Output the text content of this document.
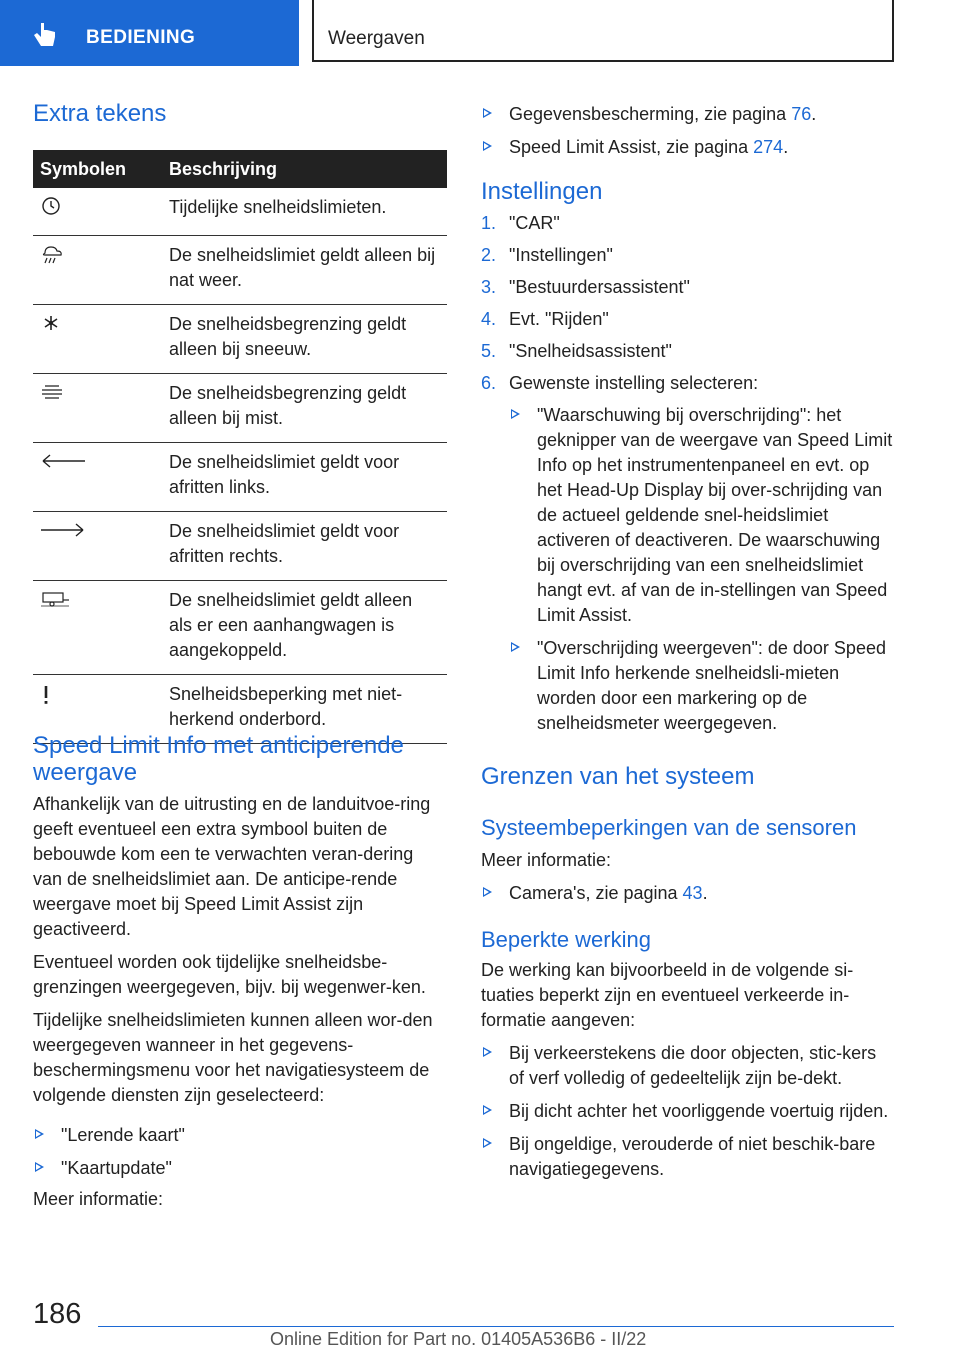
BEDIENING	Weergaven
Extra tekens
Symbolen	Beschrijving
	Tijdelijke snelheidslimieten.
	De snelheidslimiet geldt alleen bij nat weer.
	De snelheidsbegrenzing geldt alleen bij sneeuw.
	De snelheidsbegrenzing geldt alleen bij mist.
	De snelheidslimiet geldt voor afritten links.
	De snelheidslimiet geldt voor afritten rechts.
	De snelheidslimiet geldt alleen als er een aanhangwagen is aangekoppeld.
	Snelheidsbeperking met niet-herkend onderbord.
Speed Limit Info met anticiperende weergave

Afhankelijk van de uitrusting en de landuitvoe-ring geeft eventueel een extra symbool buiten de bebouwde kom een te verwachten veran-dering van de snelheidslimiet aan. De anticipe-rende weergave moet bij Speed Limit Assist zijn geactiveerd.

Eventueel worden ook tijdelijke snelheidsbe-grenzingen weergegeven, bijv. bij wegenwer-ken.

Tijdelijke snelheidslimieten kunnen alleen wor-den weergegeven wanneer in het gegevens-beschermingsmenu voor het navigatiesysteem de volgende diensten zijn geselecteerd:

"Lerende kaart"
"Kaartupdate"

Meer informatie:

Gegevensbescherming, zie pagina 76.
Speed Limit Assist, zie pagina 274.
Instellingen
1. "CAR"
2. "Instellingen"
3. "Bestuurdersassistent"
4. Evt. "Rijden"
5. "Snelheidsassistent"
6. Gewenste instelling selecteren:
"Waarschuwing bij overschrijding": het geknipper van de weergave van Speed Limit Info op het instrumentenpaneel en evt. op het Head-Up Display bij over-schrijding van de actueel geldende snel-heidslimiet activeren of deactiveren. De waarschuwing bij overschrijding van een snelheidslimiet hangt evt. af van de in-stellingen van Speed Limit Assist.
"Overschrijding weergeven": de door Speed Limit Info herkende snelheidsli-mieten worden door een markering op de snelheidsmeter weergegeven.
Grenzen van het systeem
Systeembeperkingen van de sensoren

Meer informatie:

Camera's, zie pagina 43.
Beperkte werking

De werking kan bijvoorbeeld in de volgende si-tuaties beperkt zijn en eventueel verkeerde in-formatie aangeven:

Bij verkeerstekens die door objecten, stic-kers of verf volledig of gedeeltelijk zijn be-dekt.
Bij dicht achter het voorliggende voertuig rijden.
Bij ongeldige, verouderde of niet beschik-bare navigatiegegevens.
186
Online Edition for Part no. 01405A536B6 - II/22
